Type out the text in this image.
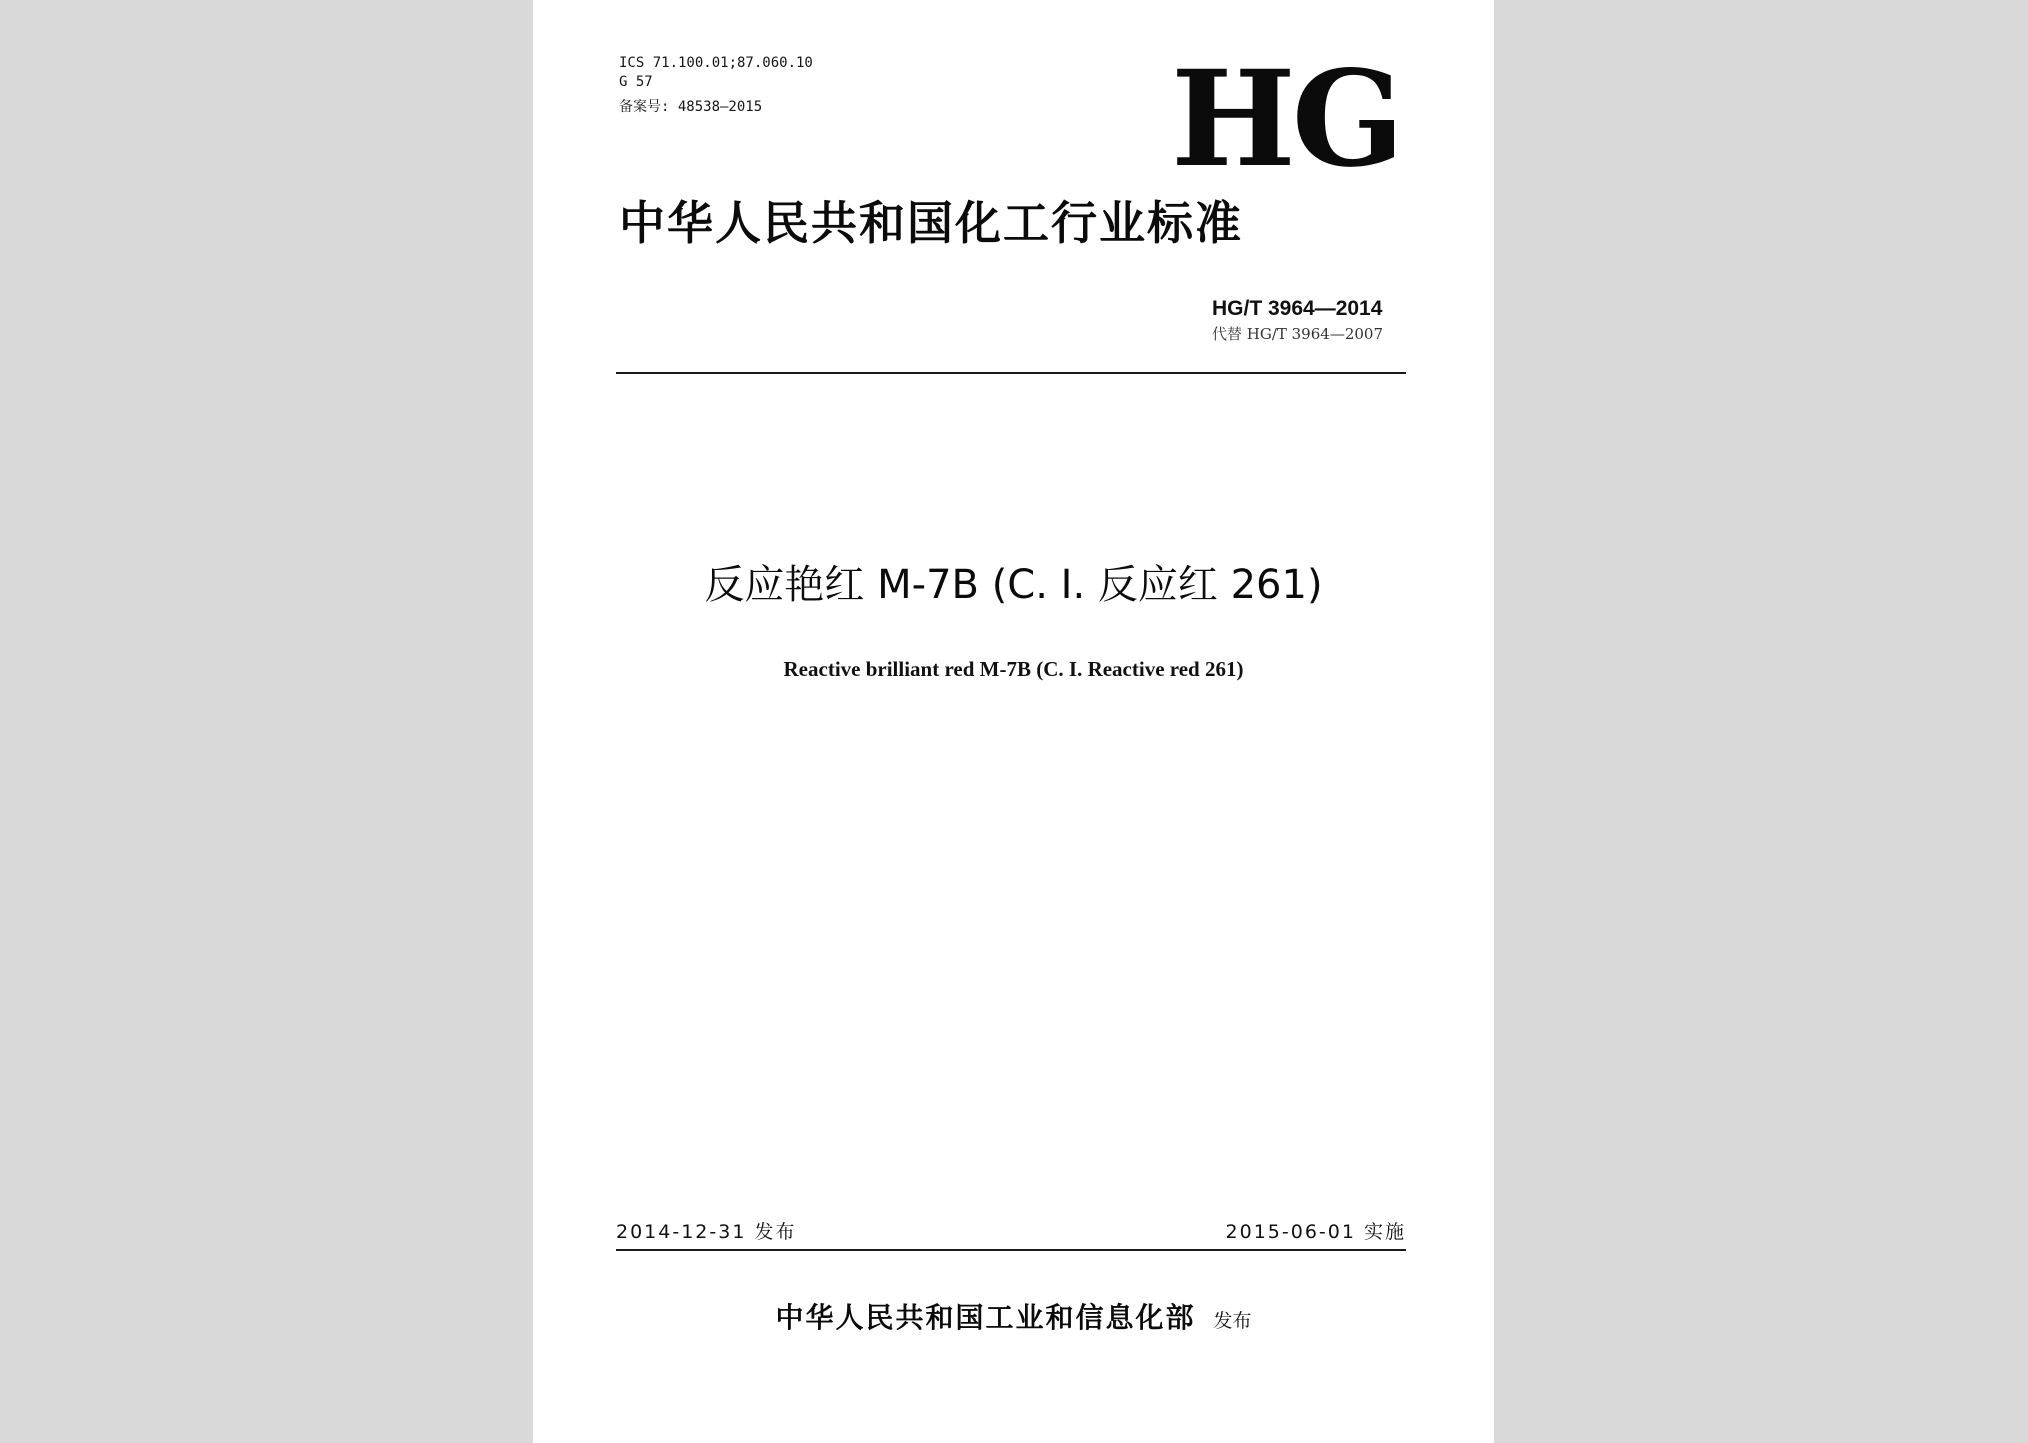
ICS 71.100.01;87.060.10
G 57
备案号: 48538—2015	HG
中华人民共和国化工行业标准
HG/T 3964—2014
代替 HG/T 3964—2007
反应艳红 M-7B (C. I. 反应红 261)
Reactive brilliant red M-7B (C. I. Reactive red 261)
2014-12-31 发布	2015-06-01 实施
中华人民共和国工业和信息化部 发布
